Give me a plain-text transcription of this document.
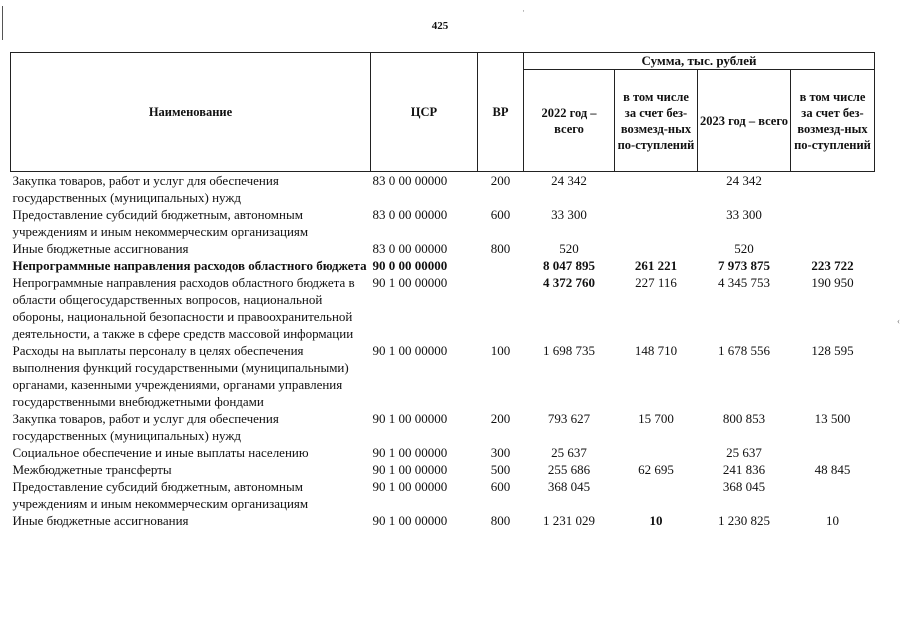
425
·
‹
Наименование	ЦСР	ВР	Сумма, тыс. рублей			
			2022 год – всего	в том числе за счет без-возмезд-ных по-ступлений	2023 год – всего	в том числе за счет без-возмезд-ных по-ступлений
Закупка товаров, работ и услуг для обеспечения государственных (муниципальных) нужд	83 0 00 00000	200	24 342		24 342	
Предоставление субсидий бюджетным, автономным учреждениям и иным некоммерческим организациям	83 0 00 00000	600	33 300		33 300	
Иные бюджетные ассигнования	83 0 00 00000	800	520		520	
Непрограммные направления расходов областного бюджета	90 0 00 00000		8 047 895	261 221	7 973 875	223 722
Непрограммные направления расходов областного бюджета в области общегосударственных вопросов, национальной обороны, национальной безопасности и правоохранительной деятельности, а также в сфере средств массовой информации	90 1 00 00000		4 372 760	227 116	4 345 753	190 950
Расходы на выплаты персоналу в целях обеспечения выполнения функций государственными (муниципальными) органами, казенными учреждениями, органами управления государственными внебюджетными фондами	90 1 00 00000	100	1 698 735	148 710	1 678 556	128 595
Закупка товаров, работ и услуг для обеспечения государственных (муниципальных) нужд	90 1 00 00000	200	793 627	15 700	800 853	13 500
Социальное обеспечение и иные выплаты населению	90 1 00 00000	300	25 637		25 637	
Межбюджетные трансферты	90 1 00 00000	500	255 686	62 695	241 836	48 845
Предоставление субсидий бюджетным, автономным учреждениям и иным некоммерческим организациям	90 1 00 00000	600	368 045		368 045	
Иные бюджетные ассигнования	90 1 00 00000	800	1 231 029	10	1 230 825	10
